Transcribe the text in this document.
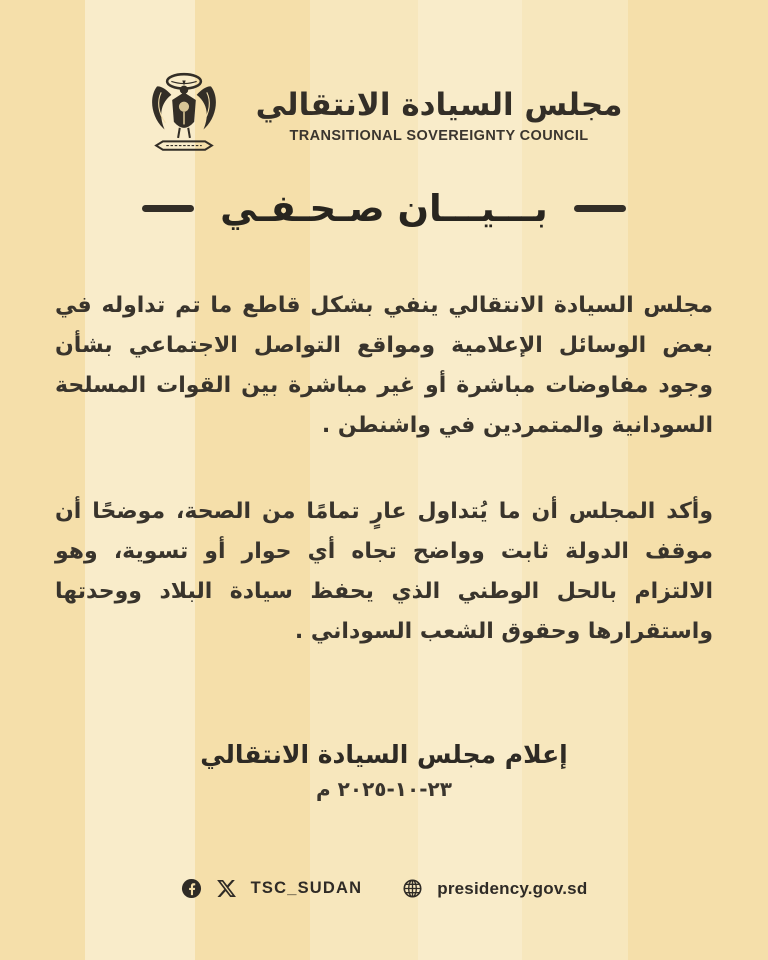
مجلس السيادة الانتقالي
TRANSITIONAL SOVEREIGNTY COUNCIL
بـــيـــان صـحـفـي

مجلس السيادة الانتقالي ينفي بشكل قاطع ما تم تداوله في بعض الوسائل الإعلامية ومواقع التواصل الاجتماعي بشأن وجود مفاوضات مباشرة أو غير مباشرة بين القوات المسلحة السودانية والمتمردين في واشنطن .

وأكد المجلس أن ما يُتداول عارٍ تمامًا من الصحة، موضحًا أن موقف الدولة ثابت وواضح تجاه أي حوار أو تسوية، وهو الالتزام بالحل الوطني الذي يحفظ سيادة البلاد ووحدتها واستقرارها وحقوق الشعب السوداني .

إعلام مجلس السيادة الانتقالي
٢٣-١٠-٢٠٢٥ م
TSC_SUDAN	presidency.gov.sd
